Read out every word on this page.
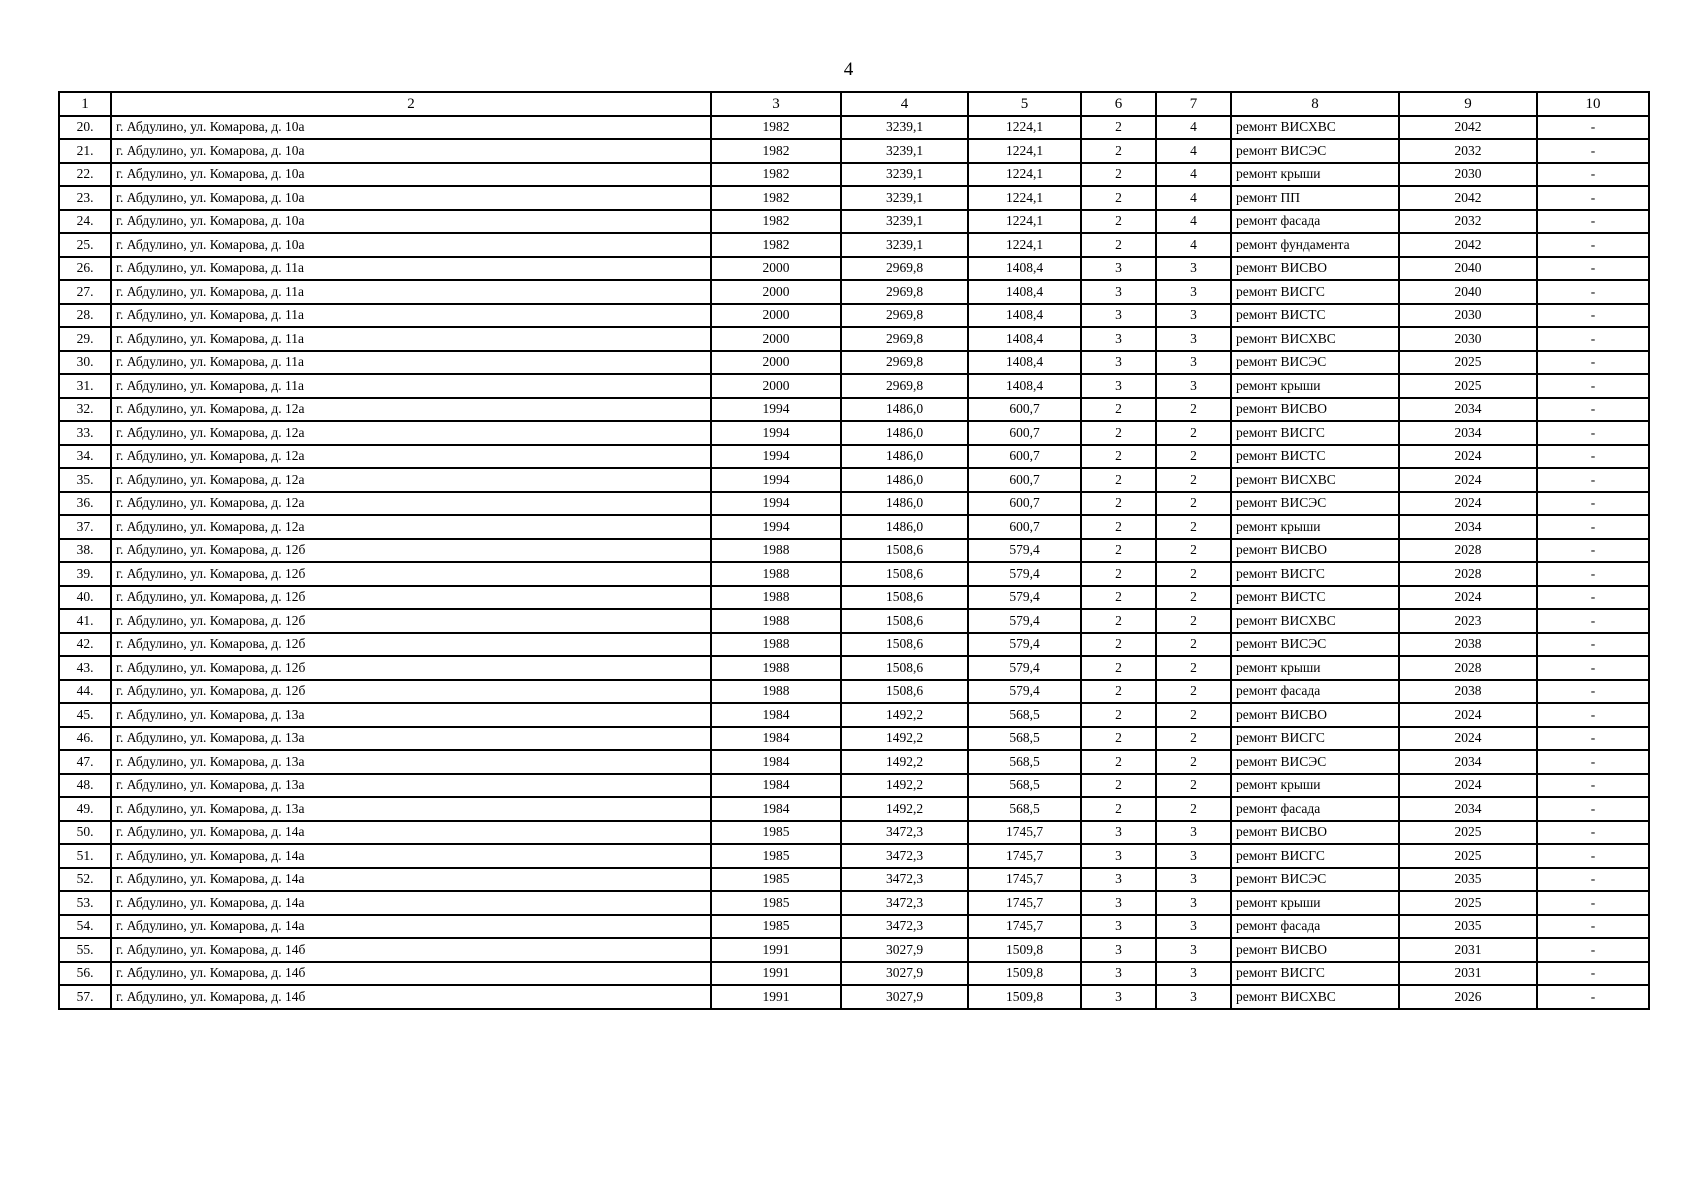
4
1	2	3	4	5	6	7	8	9	10
20.	г. Абдулино, ул. Комарова, д. 10а	1982	3239,1	1224,1	2	4	ремонт ВИСХВС	2042	-
21.	г. Абдулино, ул. Комарова, д. 10а	1982	3239,1	1224,1	2	4	ремонт ВИСЭС	2032	-
22.	г. Абдулино, ул. Комарова, д. 10а	1982	3239,1	1224,1	2	4	ремонт крыши	2030	-
23.	г. Абдулино, ул. Комарова, д. 10а	1982	3239,1	1224,1	2	4	ремонт ПП	2042	-
24.	г. Абдулино, ул. Комарова, д. 10а	1982	3239,1	1224,1	2	4	ремонт фасада	2032	-
25.	г. Абдулино, ул. Комарова, д. 10а	1982	3239,1	1224,1	2	4	ремонт фундамента	2042	-
26.	г. Абдулино, ул. Комарова, д. 11а	2000	2969,8	1408,4	3	3	ремонт ВИСВО	2040	-
27.	г. Абдулино, ул. Комарова, д. 11а	2000	2969,8	1408,4	3	3	ремонт ВИСГС	2040	-
28.	г. Абдулино, ул. Комарова, д. 11а	2000	2969,8	1408,4	3	3	ремонт ВИСТС	2030	-
29.	г. Абдулино, ул. Комарова, д. 11а	2000	2969,8	1408,4	3	3	ремонт ВИСХВС	2030	-
30.	г. Абдулино, ул. Комарова, д. 11а	2000	2969,8	1408,4	3	3	ремонт ВИСЭС	2025	-
31.	г. Абдулино, ул. Комарова, д. 11а	2000	2969,8	1408,4	3	3	ремонт крыши	2025	-
32.	г. Абдулино, ул. Комарова, д. 12а	1994	1486,0	600,7	2	2	ремонт ВИСВО	2034	-
33.	г. Абдулино, ул. Комарова, д. 12а	1994	1486,0	600,7	2	2	ремонт ВИСГС	2034	-
34.	г. Абдулино, ул. Комарова, д. 12а	1994	1486,0	600,7	2	2	ремонт ВИСТС	2024	-
35.	г. Абдулино, ул. Комарова, д. 12а	1994	1486,0	600,7	2	2	ремонт ВИСХВС	2024	-
36.	г. Абдулино, ул. Комарова, д. 12а	1994	1486,0	600,7	2	2	ремонт ВИСЭС	2024	-
37.	г. Абдулино, ул. Комарова, д. 12а	1994	1486,0	600,7	2	2	ремонт крыши	2034	-
38.	г. Абдулино, ул. Комарова, д. 12б	1988	1508,6	579,4	2	2	ремонт ВИСВО	2028	-
39.	г. Абдулино, ул. Комарова, д. 12б	1988	1508,6	579,4	2	2	ремонт ВИСГС	2028	-
40.	г. Абдулино, ул. Комарова, д. 12б	1988	1508,6	579,4	2	2	ремонт ВИСТС	2024	-
41.	г. Абдулино, ул. Комарова, д. 12б	1988	1508,6	579,4	2	2	ремонт ВИСХВС	2023	-
42.	г. Абдулино, ул. Комарова, д. 12б	1988	1508,6	579,4	2	2	ремонт ВИСЭС	2038	-
43.	г. Абдулино, ул. Комарова, д. 12б	1988	1508,6	579,4	2	2	ремонт крыши	2028	-
44.	г. Абдулино, ул. Комарова, д. 12б	1988	1508,6	579,4	2	2	ремонт фасада	2038	-
45.	г. Абдулино, ул. Комарова, д. 13а	1984	1492,2	568,5	2	2	ремонт ВИСВО	2024	-
46.	г. Абдулино, ул. Комарова, д. 13а	1984	1492,2	568,5	2	2	ремонт ВИСГС	2024	-
47.	г. Абдулино, ул. Комарова, д. 13а	1984	1492,2	568,5	2	2	ремонт ВИСЭС	2034	-
48.	г. Абдулино, ул. Комарова, д. 13а	1984	1492,2	568,5	2	2	ремонт крыши	2024	-
49.	г. Абдулино, ул. Комарова, д. 13а	1984	1492,2	568,5	2	2	ремонт фасада	2034	-
50.	г. Абдулино, ул. Комарова, д. 14а	1985	3472,3	1745,7	3	3	ремонт ВИСВО	2025	-
51.	г. Абдулино, ул. Комарова, д. 14а	1985	3472,3	1745,7	3	3	ремонт ВИСГС	2025	-
52.	г. Абдулино, ул. Комарова, д. 14а	1985	3472,3	1745,7	3	3	ремонт ВИСЭС	2035	-
53.	г. Абдулино, ул. Комарова, д. 14а	1985	3472,3	1745,7	3	3	ремонт крыши	2025	-
54.	г. Абдулино, ул. Комарова, д. 14а	1985	3472,3	1745,7	3	3	ремонт фасада	2035	-
55.	г. Абдулино, ул. Комарова, д. 14б	1991	3027,9	1509,8	3	3	ремонт ВИСВО	2031	-
56.	г. Абдулино, ул. Комарова, д. 14б	1991	3027,9	1509,8	3	3	ремонт ВИСГС	2031	-
57.	г. Абдулино, ул. Комарова, д. 14б	1991	3027,9	1509,8	3	3	ремонт ВИСХВС	2026	-
